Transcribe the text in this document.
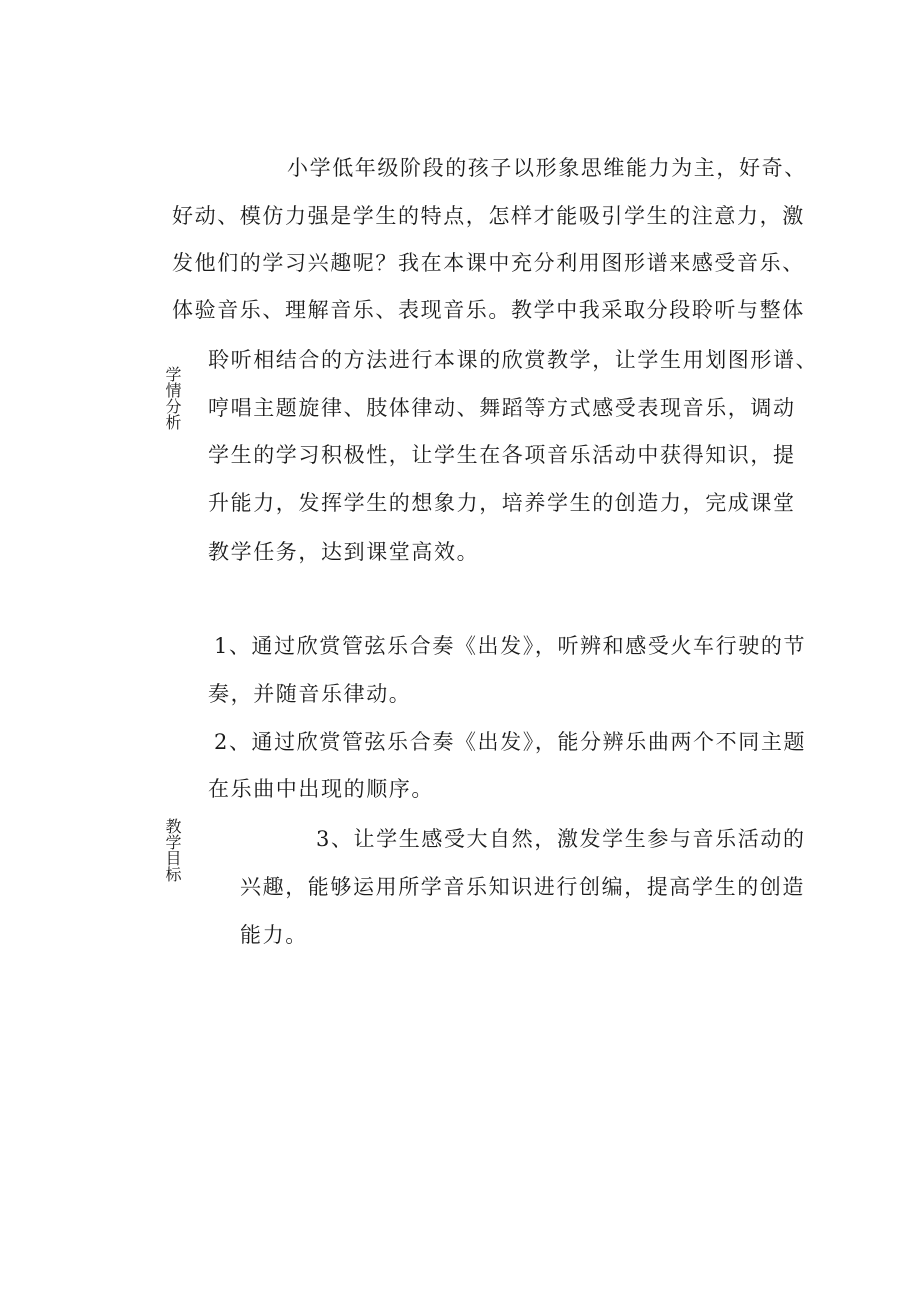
小学低年级阶段的孩子以形象思维能力为主，好奇、
好动、模仿力强是学生的特点，怎样才能吸引学生的注意力，激
发他们的学习兴趣呢？我在本课中充分利用图形谱来感受音乐、
体验音乐、理解音乐、表现音乐。教学中我采取分段聆听与整体
学情分析
聆听相结合的方法进行本课的欣赏教学，让学生用划图形谱、
哼唱主题旋律、肢体律动、舞蹈等方式感受表现音乐，调动
学生的学习积极性，让学生在各项音乐活动中获得知识，提
升能力，发挥学生的想象力，培养学生的创造力，完成课堂
教学任务，达到课堂高效。
1、通过欣赏管弦乐合奏《出发》，听辨和感受火车行驶的节
奏，并随音乐律动。
2、通过欣赏管弦乐合奏《出发》，能分辨乐曲两个不同主题
在乐曲中出现的顺序。
教学目标	3、让学生感受大自然，激发学生参与音乐活动的
兴趣，能够运用所学音乐知识进行创编，提高学生的创造
能力。
